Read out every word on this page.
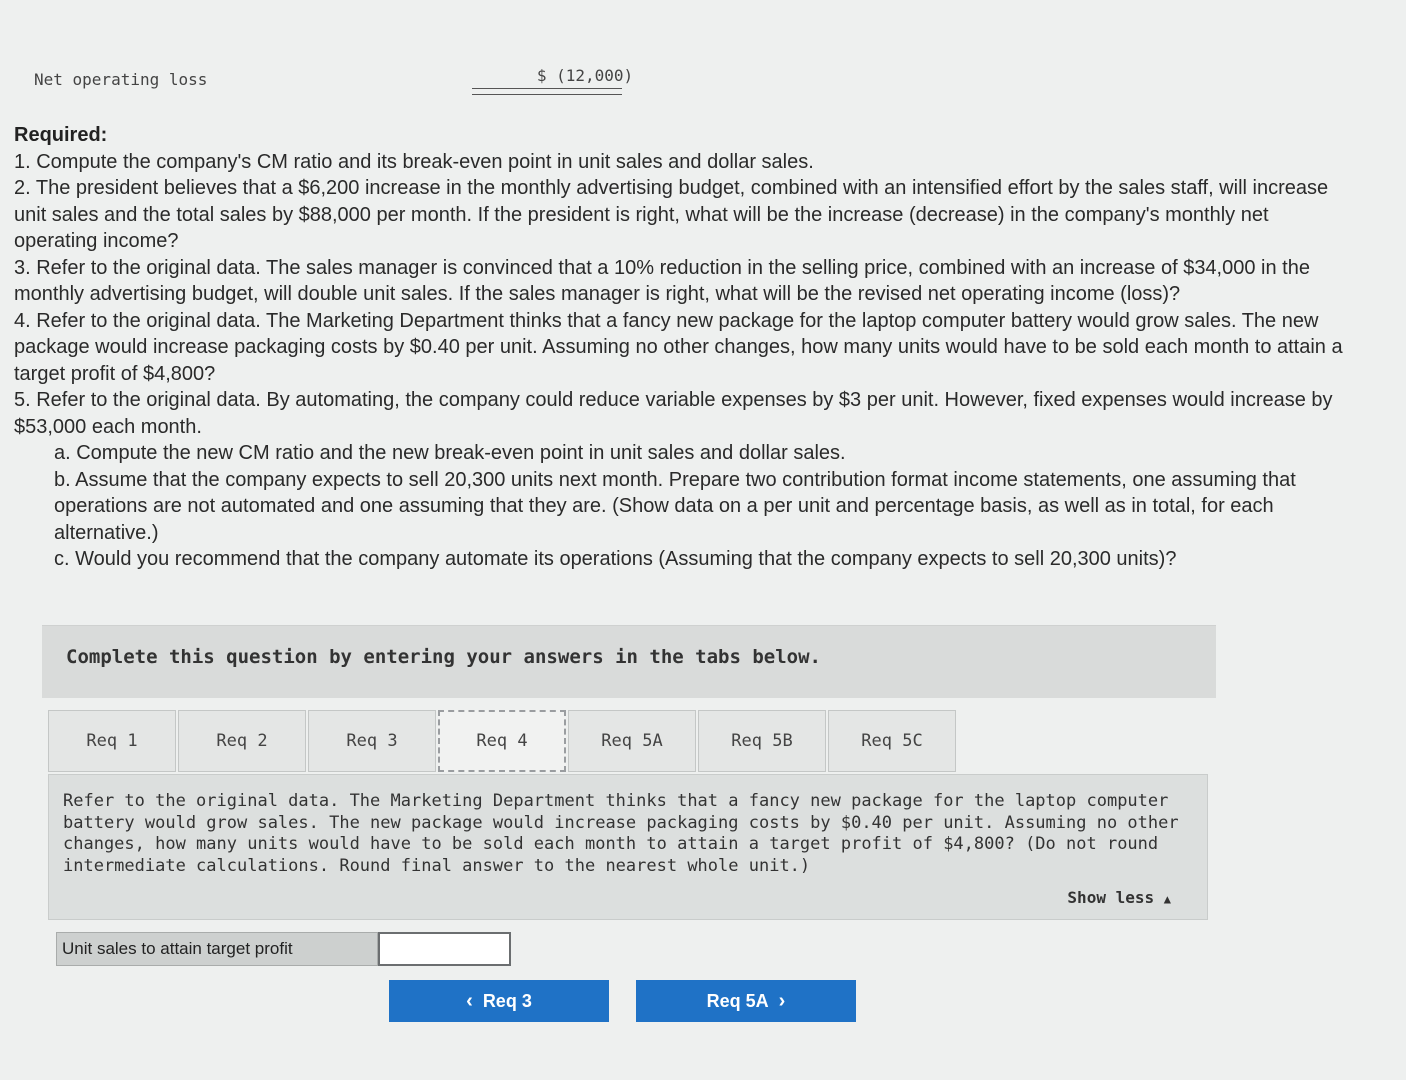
Net operating loss	$ (12,000)
Required:

1. Compute the company's CM ratio and its break-even point in unit sales and dollar sales.

2. The president believes that a $6,200 increase in the monthly advertising budget, combined with an intensified effort by the sales staff, will increase unit sales and the total sales by $88,000 per month. If the president is right, what will be the increase (decrease) in the company's monthly net operating income?

3. Refer to the original data. The sales manager is convinced that a 10% reduction in the selling price, combined with an increase of $34,000 in the monthly advertising budget, will double unit sales. If the sales manager is right, what will be the revised net operating income (loss)?

4. Refer to the original data. The Marketing Department thinks that a fancy new package for the laptop computer battery would grow sales. The new package would increase packaging costs by $0.40 per unit. Assuming no other changes, how many units would have to be sold each month to attain a target profit of $4,800?

5. Refer to the original data. By automating, the company could reduce variable expenses by $3 per unit. However, fixed expenses would increase by $53,000 each month.

a. Compute the new CM ratio and the new break-even point in unit sales and dollar sales.

b. Assume that the company expects to sell 20,300 units next month. Prepare two contribution format income statements, one assuming that operations are not automated and one assuming that they are. (Show data on a per unit and percentage basis, as well as in total, for each alternative.)

c. Would you recommend that the company automate its operations (Assuming that the company expects to sell 20,300 units)?

Complete this question by entering your answers in the tabs below.
Req 1	Req 2	Req 3	Req 4	Req 5A	Req 5B	Req 5C
Refer to the original data. The Marketing Department thinks that a fancy new package for the laptop computer battery would grow sales. The new package would increase packaging costs by $0.40 per unit. Assuming no other changes, how many units would have to be sold each month to attain a target profit of $4,800? (Do not round intermediate calculations. Round final answer to the nearest whole unit.)
Show less ▲
Unit sales to attain target profit
‹ Req 3	Req 5A ›
